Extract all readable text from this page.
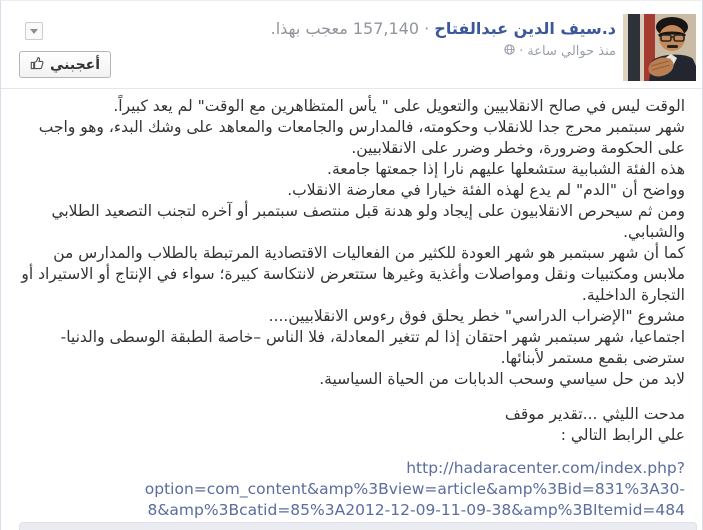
د.سيف الدين عبدالفتاح · 157,140 معجب بهذا.
منذ حوالي ساعة
·
أعجبني
الوقت ليس في صالح الانقلابيين والتعويل على " يأس المتظاهرين مع الوقت" لم يعد كبيراً.
شهر سبتمبر محرج جدا للانقلاب وحكومته، فالمدارس والجامعات والمعاهد على وشك البدء، وهو واجب على الحكومة وضرورة، وخطر وضرر على الانقلابيين.
هذه الفئة الشبابية ستشعلها عليهم نارا إذا جمعتها جامعة.
وواضح أن "الدم" لم يدع لهذه الفئة خيارا في معارضة الانقلاب.
ومن ثم سيحرص الانقلابيون على إيجاد ولو هدنة قبل منتصف سبتمبر أو آخره لتجنب التصعيد الطلابي والشبابي.
كما أن شهر سبتمبر هو شهر العودة للكثير من الفعاليات الاقتصادية المرتبطة بالطلاب والمدارس من ملابس ومكتبيات ونقل ومواصلات وأغذية وغيرها ستتعرض لانتكاسة كبيرة؛ سواء في الإنتاج أو الاستيراد أو التجارة الداخلية.
مشروع "الإضراب الدراسي" خطر يحلق فوق رءوس الانقلابيين....
اجتماعيا، شهر سبتمبر شهر احتقان إذا لم تتغير المعادلة، فلا الناس –خاصة الطبقة الوسطى والدنيا- سترضى بقمع مستمر لأبنائها.
لابد من حل سياسي وسحب الدبابات من الحياة السياسية.
مدحت الليثي ...تقدير موقف
علي الرابط التالي :
http://hadaracenter.com/index.php?option=com_content&amp%3Bview=article&amp%3Bid=831%3A30-8&amp%3Bcatid=85%3A2012-12-09-11-09-38&amp%3BItemid=484
